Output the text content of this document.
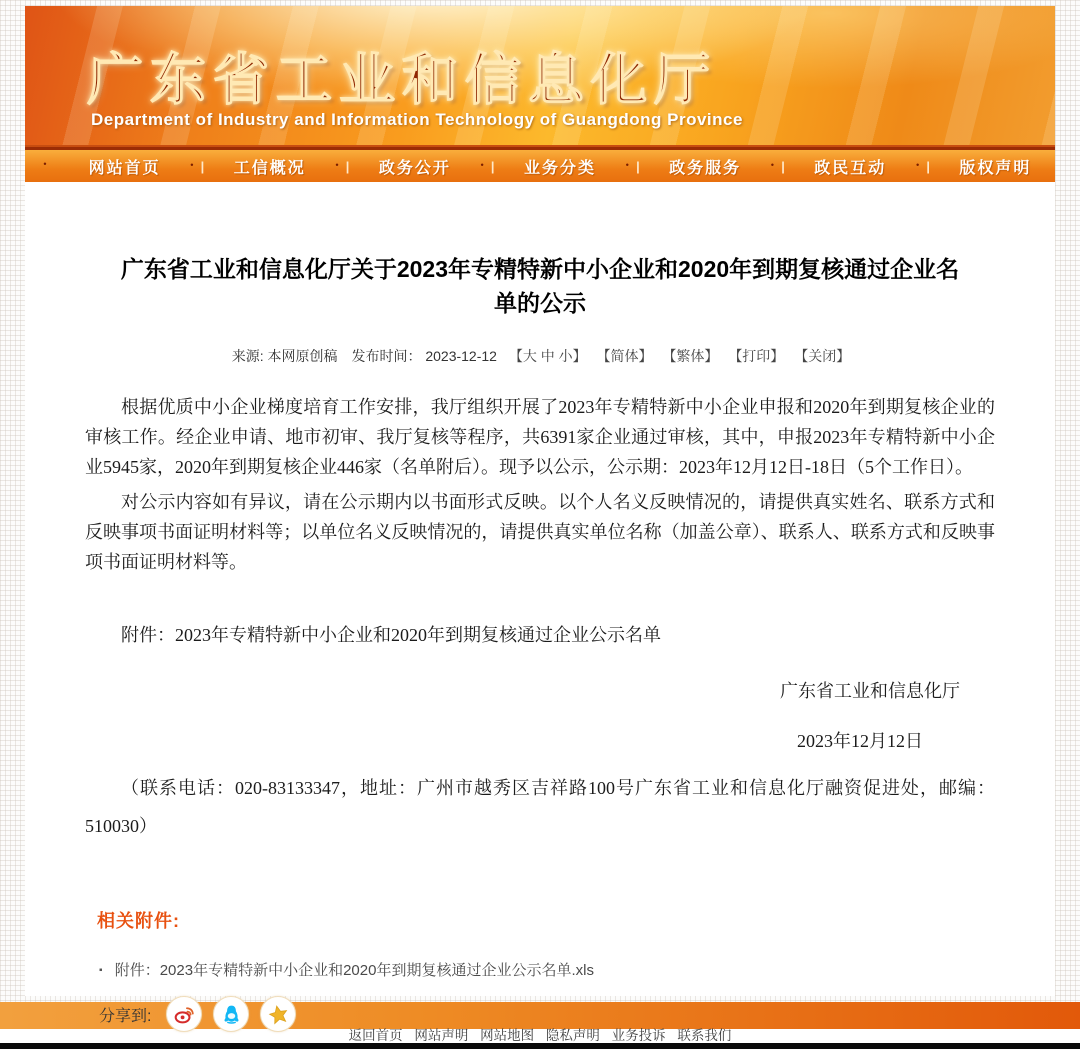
广东省工业和信息化厅
Department of Industry and Information Technology of Guangdong Province
•
网站首页 • |	工信概况 • |	政务公开 • |	业务分类 • |	政务服务 • |	政民互动 • |	版权声明
广东省工业和信息化厅关于2023年专精特新中小企业和2020年到期复核通过企业名单的公示
来源: 本网原创稿 发布时间： 2023-12-12 【大 中 小】 【简体】 【繁体】 【打印】 【关闭】

根据优质中小企业梯度培育工作安排，我厅组织开展了2023年专精特新中小企业申报和2020年到期复核企业的审核工作。经企业申请、地市初审、我厅复核等程序，共6391家企业通过审核，其中，申报2023年专精特新中小企业5945家，2020年到期复核企业446家（名单附后）。现予以公示，公示期：2023年12月12日-18日（5个工作日）。

对公示内容如有异议，请在公示期内以书面形式反映。以个人名义反映情况的，请提供真实姓名、联系方式和反映事项书面证明材料等；以单位名义反映情况的，请提供真实单位名称（加盖公章）、联系人、联系方式和反映事项书面证明材料等。

附件：2023年专精特新中小企业和2020年到期复核通过企业公示名单

广东省工业和信息化厅

2023年12月12日

（联系电话：020-83133347，地址：广州市越秀区吉祥路100号广东省工业和信息化厅融资促进处，邮编：510030）

相关附件:
▪ 附件：2023年专精特新中小企业和2020年到期复核通过企业公示名单.xls
分享到:
返回首页 网站声明 网站地图 隐私声明 业务投诉 联系我们
